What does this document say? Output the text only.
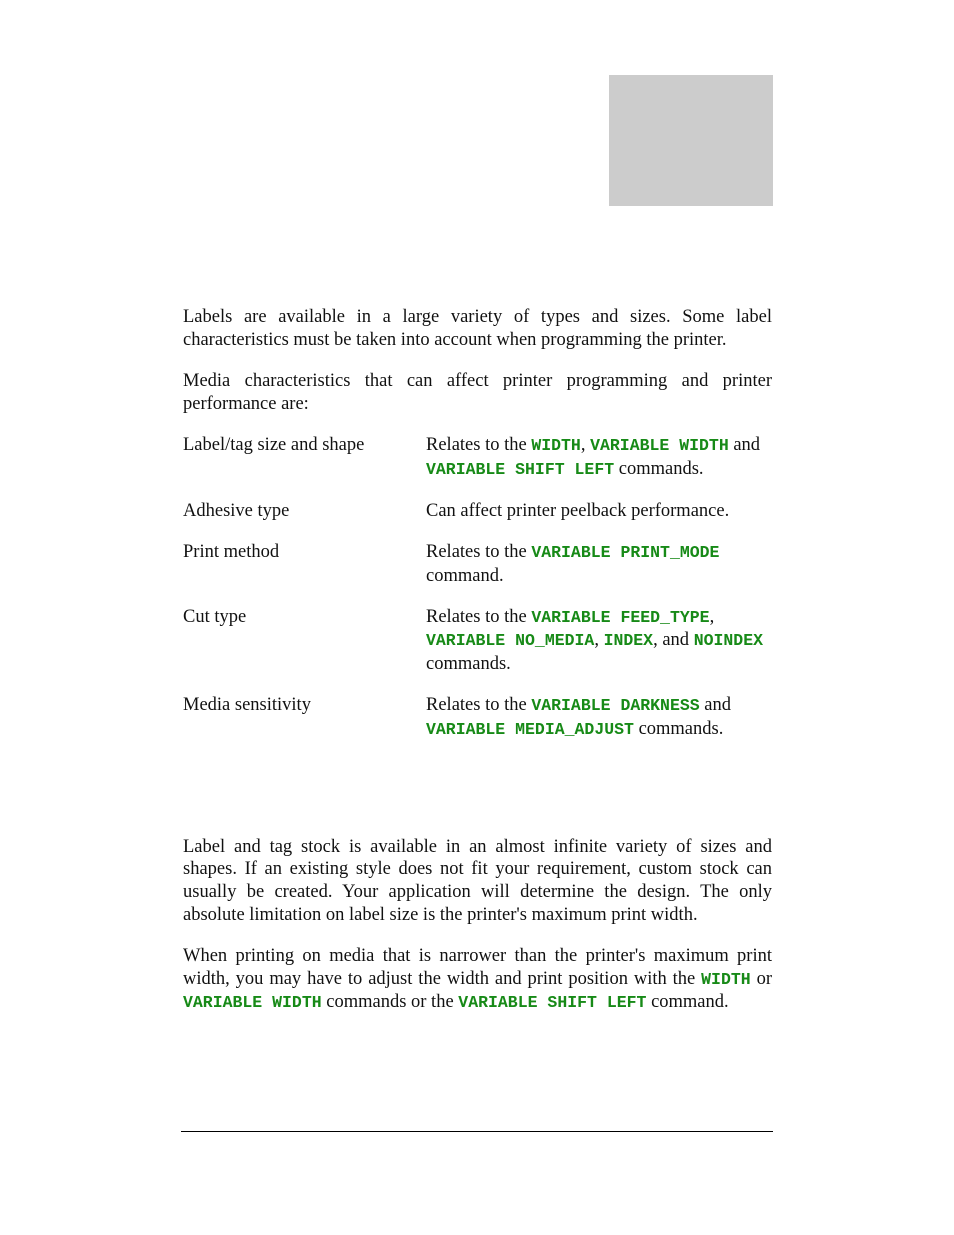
Labels are available in a large variety of types and sizes. Some label characteristics must be taken into account when programming the printer.

Media characteristics that can affect printer programming and printer performance are:

Label/tag size and shape	Relates to the WIDTH, VARIABLE WIDTH and VARIABLE SHIFT LEFT commands.
Adhesive type	Can affect printer peelback performance.
Print method	Relates to the VARIABLE PRINT_MODE command.
Cut type	Relates to the VARIABLE FEED_TYPE, VARIABLE NO_MEDIA, INDEX, and NOINDEX commands.
Media sensitivity	Relates to the VARIABLE DARKNESS and VARIABLE MEDIA_ADJUST commands.

Label and tag stock is available in an almost infinite variety of sizes and shapes. If an existing style does not fit your requirement, custom stock can usually be created. Your application will determine the design. The only absolute limitation on label size is the printer's maximum print width.

When printing on media that is narrower than the printer's maximum print width, you may have to adjust the width and print position with the WIDTH or VARIABLE WIDTH commands or the VARIABLE SHIFT LEFT command.
